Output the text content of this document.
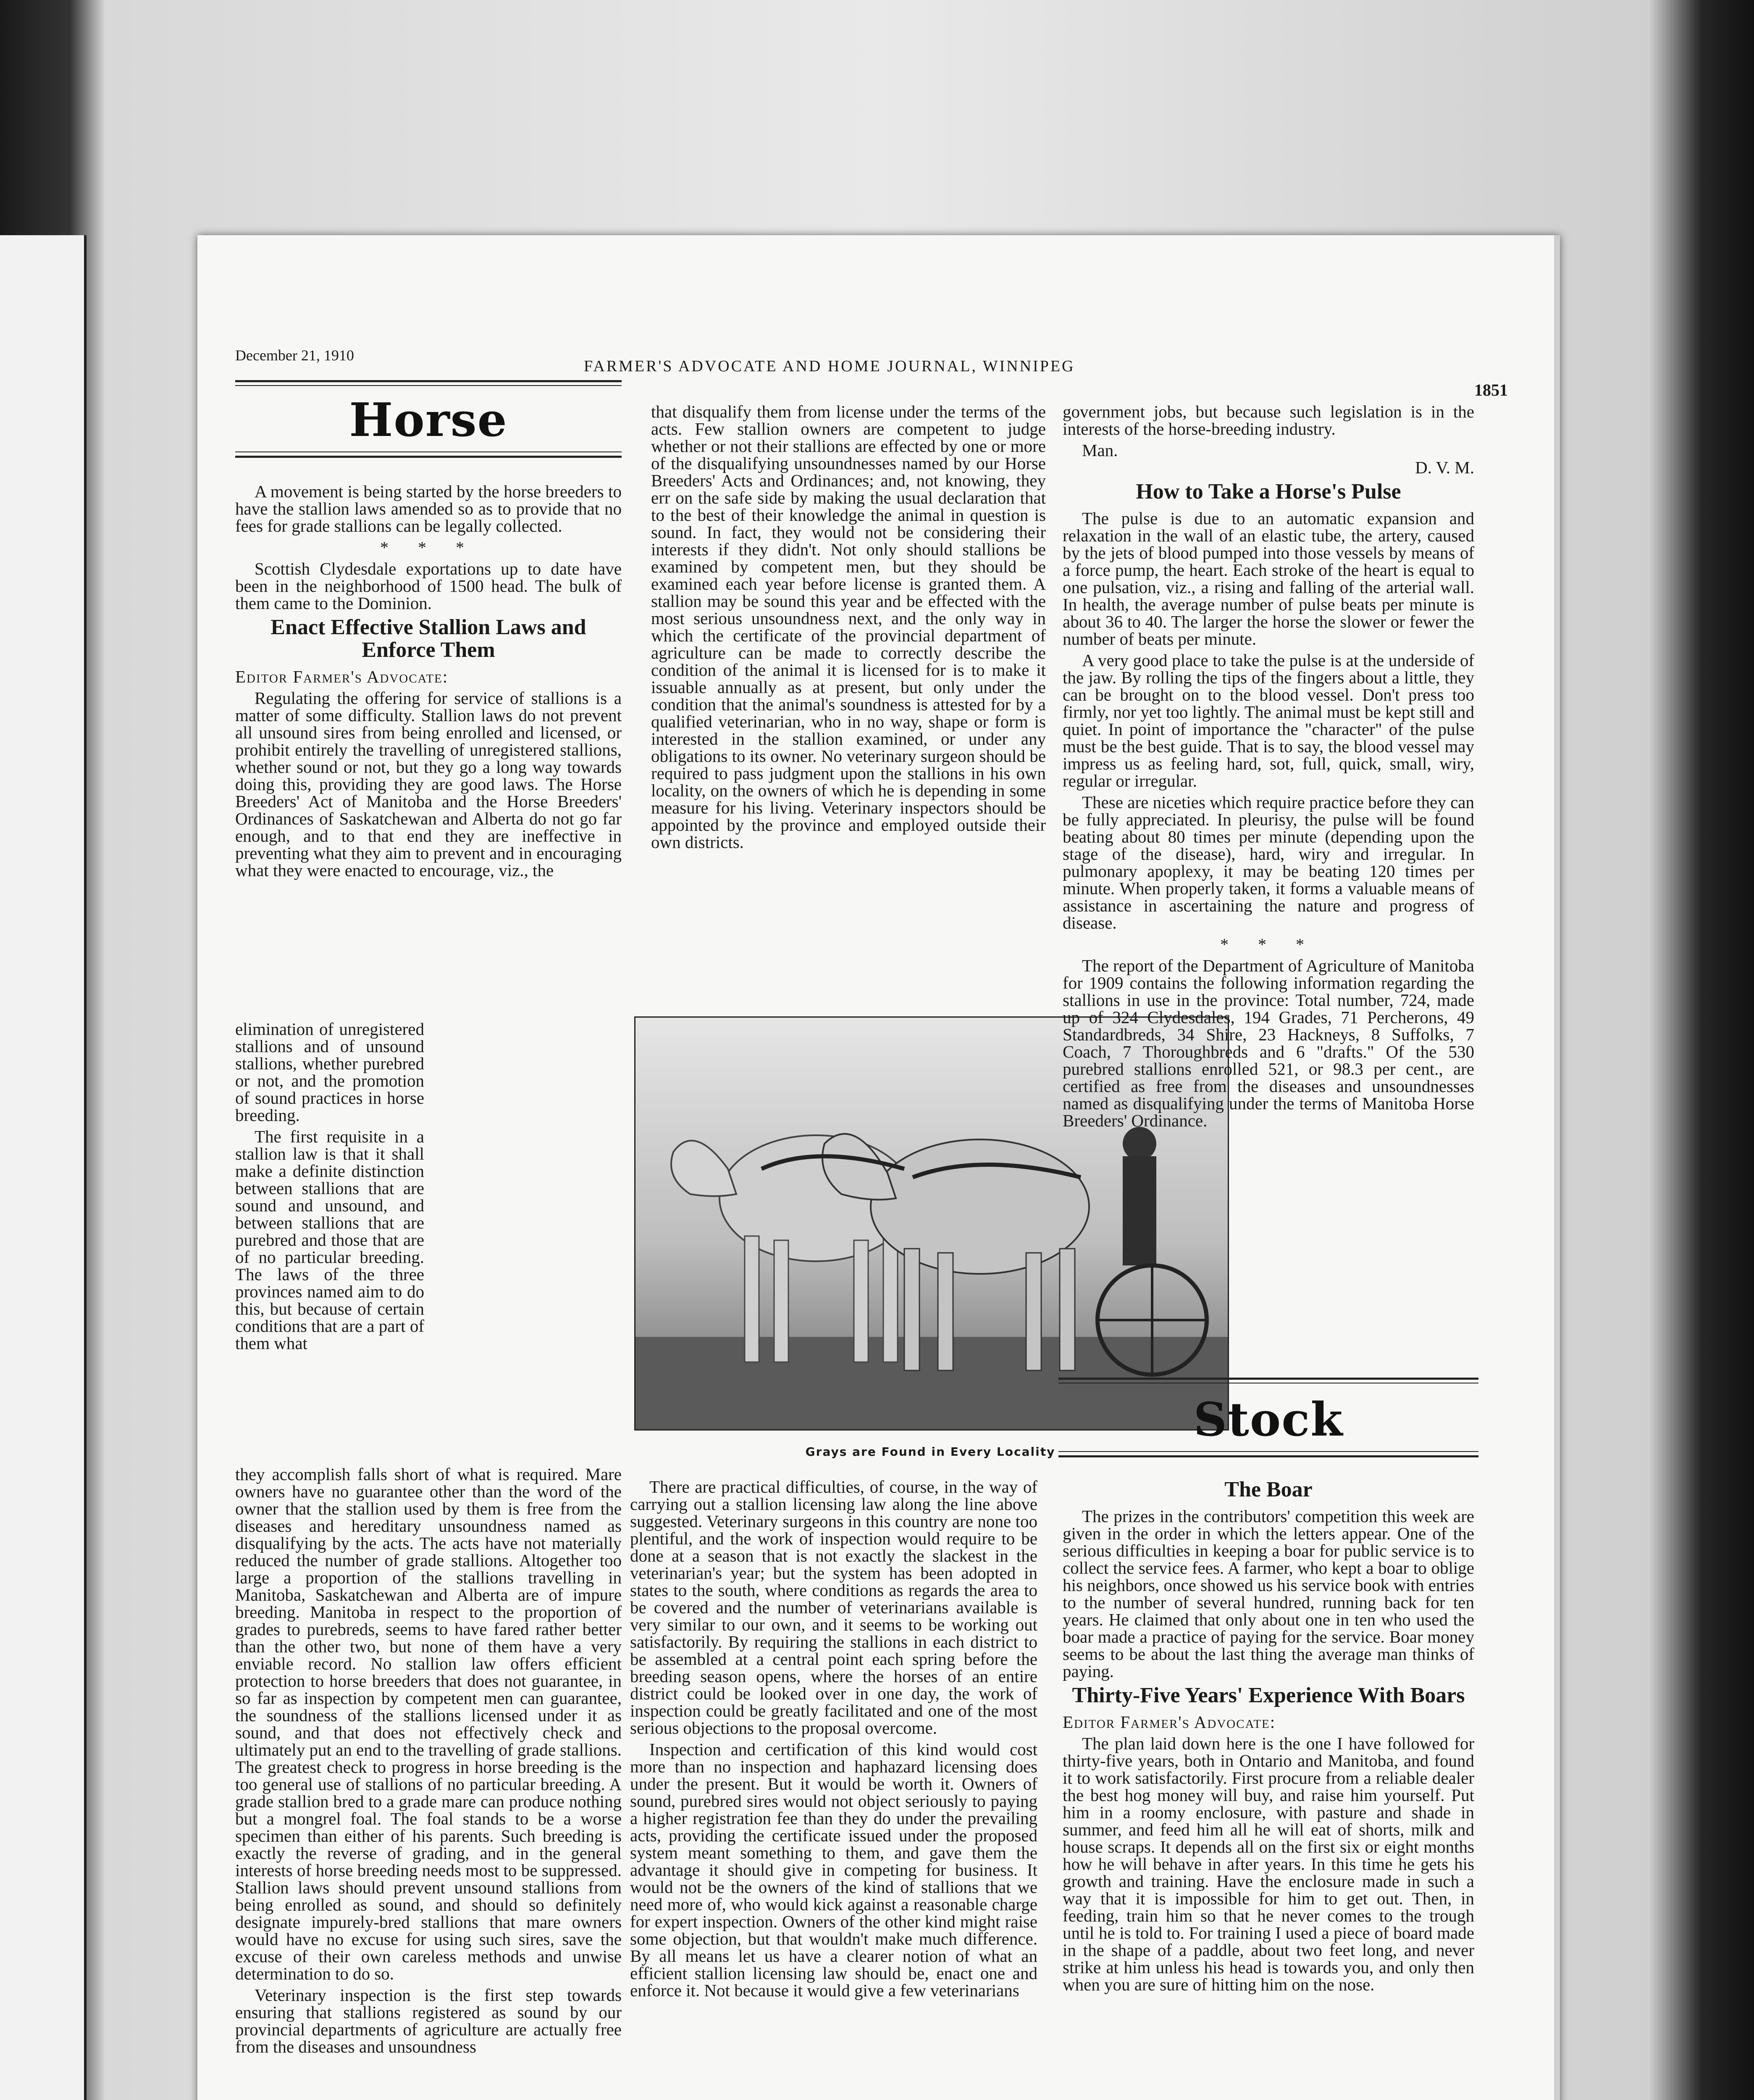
December 21, 1910
FARMER'S ADVOCATE AND HOME JOURNAL, WINNIPEG
1851
Horse

A movement is being started by the horse breeders to have the stallion laws amended so as to provide that no fees for grade stallions can be legally collected.

* * *

Scottish Clydesdale exportations up to date have been in the neighborhood of 1500 head. The bulk of them came to the Dominion.

Enact Effective Stallion Laws and Enforce Them

Editor Farmer's Advocate:

Regulating the offering for service of stallions is a matter of some difficulty. Stallion laws do not prevent all unsound sires from being enrolled and licensed, or prohibit entirely the travelling of unregistered stallions, whether sound or not, but they go a long way towards doing this, providing they are good laws. The Horse Breeders' Act of Manitoba and the Horse Breeders' Ordinances of Saskatchewan and Alberta do not go far enough, and to that end they are ineffective in preventing what they aim to prevent and in encouraging what they were enacted to encourage, viz., the

elimination of unregistered stallions and of unsound stallions, whether purebred or not, and the promotion of sound practices in horse breeding.

The first requisite in a stallion law is that it shall make a definite distinction between stallions that are sound and unsound, and between stallions that are purebred and those that are of no particular breeding. The laws of the three provinces named aim to do this, but because of certain conditions that are a part of them what

Grays are Found in Every Locality

they accomplish falls short of what is required. Mare owners have no guarantee other than the word of the owner that the stallion used by them is free from the diseases and hereditary unsoundness named as disqualifying by the acts. The acts have not materially reduced the number of grade stallions. Altogether too large a proportion of the stallions travelling in Manitoba, Saskatchewan and Alberta are of impure breeding. Manitoba in respect to the proportion of grades to purebreds, seems to have fared rather better than the other two, but none of them have a very enviable record. No stallion law offers efficient protection to horse breeders that does not guarantee, in so far as inspection by competent men can guarantee, the soundness of the stallions licensed under it as sound, and that does not effectively check and ultimately put an end to the travelling of grade stallions. The greatest check to progress in horse breeding is the too general use of stallions of no particular breeding. A grade stallion bred to a grade mare can produce nothing but a mongrel foal. The foal stands to be a worse specimen than either of his parents. Such breeding is exactly the reverse of grading, and in the general interests of horse breeding needs most to be suppressed. Stallion laws should prevent unsound stallions from being enrolled as sound, and should so definitely designate impurely-bred stallions that mare owners would have no excuse for using such sires, save the excuse of their own careless methods and unwise determination to do so.

Veterinary inspection is the first step towards ensuring that stallions registered as sound by our provincial departments of agriculture are actually free from the diseases and unsoundness

that disqualify them from license under the terms of the acts. Few stallion owners are competent to judge whether or not their stallions are effected by one or more of the disqualifying unsoundnesses named by our Horse Breeders' Acts and Ordinances; and, not knowing, they err on the safe side by making the usual declaration that to the best of their knowledge the animal in question is sound. In fact, they would not be considering their interests if they didn't. Not only should stallions be examined by competent men, but they should be examined each year before license is granted them. A stallion may be sound this year and be effected with the most serious unsoundness next, and the only way in which the certificate of the provincial department of agriculture can be made to correctly describe the condition of the animal it is licensed for is to make it issuable annually as at present, but only under the condition that the animal's soundness is attested for by a qualified veterinarian, who in no way, shape or form is interested in the stallion examined, or under any obligations to its owner. No veterinary surgeon should be required to pass judgment upon the stallions in his own locality, on the owners of which he is depending in some measure for his living. Veterinary inspectors should be appointed by the province and employed outside their own districts.

There are practical difficulties, of course, in the way of carrying out a stallion licensing law along the line above suggested. Veterinary surgeons in this country are none too plentiful, and the work of inspection would require to be done at a season that is not exactly the slackest in the veterinarian's year; but the system has been adopted in states to the south, where conditions as regards the area to be covered and the number of veterinarians available is very similar to our own, and it seems to be working out satisfactorily. By requiring the stallions in each district to be assembled at a central point each spring before the breeding season opens, where the horses of an entire district could be looked over in one day, the work of inspection could be greatly facilitated and one of the most serious objections to the proposal overcome.

Inspection and certification of this kind would cost more than no inspection and haphazard licensing does under the present. But it would be worth it. Owners of sound, purebred sires would not object seriously to paying a higher registration fee than they do under the prevailing acts, providing the certificate issued under the proposed system meant something to them, and gave them the advantage it should give in competing for business. It would not be the owners of the kind of stallions that we need more of, who would kick against a reasonable charge for expert inspection. Owners of the other kind might raise some objection, but that wouldn't make much difference. By all means let us have a clearer notion of what an efficient stallion licensing law should be, enact one and enforce it. Not because it would give a few veterinarians

government jobs, but because such legislation is in the interests of the horse-breeding industry.

Man.

D. V. M.

How to Take a Horse's Pulse

The pulse is due to an automatic expansion and relaxation in the wall of an elastic tube, the artery, caused by the jets of blood pumped into those vessels by means of a force pump, the heart. Each stroke of the heart is equal to one pulsation, viz., a rising and falling of the arterial wall. In health, the average number of pulse beats per minute is about 36 to 40. The larger the horse the slower or fewer the number of beats per minute.

A very good place to take the pulse is at the underside of the jaw. By rolling the tips of the fingers about a little, they can be brought on to the blood vessel. Don't press too firmly, nor yet too lightly. The animal must be kept still and quiet. In point of importance the "character" of the pulse must be the best guide. That is to say, the blood vessel may impress us as feeling hard, sot, full, quick, small, wiry, regular or irregular.

These are niceties which require practice before they can be fully appreciated. In pleurisy, the pulse will be found beating about 80 times per minute (depending upon the stage of the disease), hard, wiry and irregular. In pulmonary apoplexy, it may be beating 120 times per minute. When properly taken, it forms a valuable means of assistance in ascertaining the nature and progress of disease.

* * *

The report of the Department of Agriculture of Manitoba for 1909 contains the following information regarding the stallions in use in the province: Total number, 724, made up of 324 Clydesdales, 194 Grades, 71 Percherons, 49 Standardbreds, 34 Shire, 23 Hackneys, 8 Suffolks, 7 Coach, 7 Thoroughbreds and 6 "drafts." Of the 530 purebred stallions enrolled 521, or 98.3 per cent., are certified as free from the diseases and unsoundnesses named as disqualifying under the terms of Manitoba Horse Breeders' Ordinance.

Stock
The Boar

The prizes in the contributors' competition this week are given in the order in which the letters appear. One of the serious difficulties in keeping a boar for public service is to collect the service fees. A farmer, who kept a boar to oblige his neighbors, once showed us his service book with entries to the number of several hundred, running back for ten years. He claimed that only about one in ten who used the boar made a practice of paying for the service. Boar money seems to be about the last thing the average man thinks of paying.

Thirty-Five Years' Experience With Boars

Editor Farmer's Advocate:

The plan laid down here is the one I have followed for thirty-five years, both in Ontario and Manitoba, and found it to work satisfactorily. First procure from a reliable dealer the best hog money will buy, and raise him yourself. Put him in a roomy enclosure, with pasture and shade in summer, and feed him all he will eat of shorts, milk and house scraps. It depends all on the first six or eight months how he will behave in after years. In this time he gets his growth and training. Have the enclosure made in such a way that it is impossible for him to get out. Then, in feeding, train him so that he never comes to the trough until he is told to. For training I used a piece of board made in the shape of a paddle, about two feet long, and never strike at him unless his head is towards you, and only then when you are sure of hitting him on the nose.
